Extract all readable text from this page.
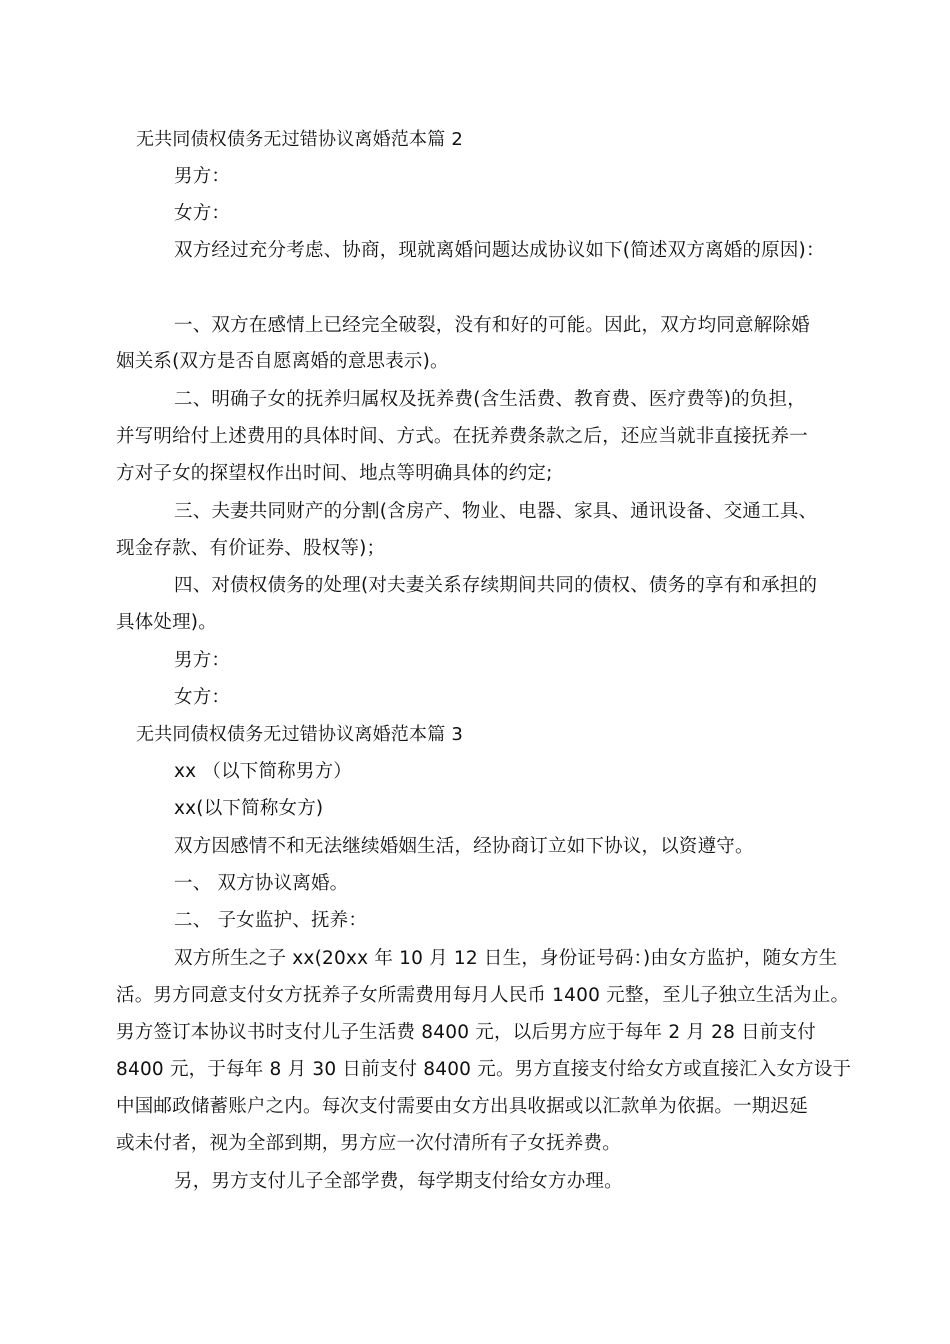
无共同债权债务无过错协议离婚范本篇 2
男方：
女方：
双方经过充分考虑、协商，现就离婚问题达成协议如下(简述双方离婚的原因)：
一、双方在感情上已经完全破裂，没有和好的可能。因此，双方均同意解除婚
姻关系(双方是否自愿离婚的意思表示)。
二、明确子女的抚养归属权及抚养费(含生活费、教育费、医疗费等)的负担，
并写明给付上述费用的具体时间、方式。在抚养费条款之后，还应当就非直接抚养一
方对子女的探望权作出时间、地点等明确具体的约定;
三、夫妻共同财产的分割(含房产、物业、电器、家具、通讯设备、交通工具、
现金存款、有价证券、股权等)；
四、对债权债务的处理(对夫妻关系存续期间共同的债权、债务的享有和承担的
具体处理)。
男方：
女方：
无共同债权债务无过错协议离婚范本篇 3
xx （以下简称男方）
xx(以下简称女方)
双方因感情不和无法继续婚姻生活，经协商订立如下协议，以资遵守。
一、 双方协议离婚。
二、 子女监护、抚养：
双方所生之子 xx(20xx 年 10 月 12 日生，身份证号码：)由女方监护，随女方生
活。男方同意支付女方抚养子女所需费用每月人民币 1400 元整，至儿子独立生活为止。
男方签订本协议书时支付儿子生活费 8400 元，以后男方应于每年 2 月 28 日前支付
8400 元，于每年 8 月 30 日前支付 8400 元。男方直接支付给女方或直接汇入女方设于
中国邮政储蓄账户之内。每次支付需要由女方出具收据或以汇款单为依据。一期迟延
或未付者，视为全部到期，男方应一次付清所有子女抚养费。
另，男方支付儿子全部学费，每学期支付给女方办理。
